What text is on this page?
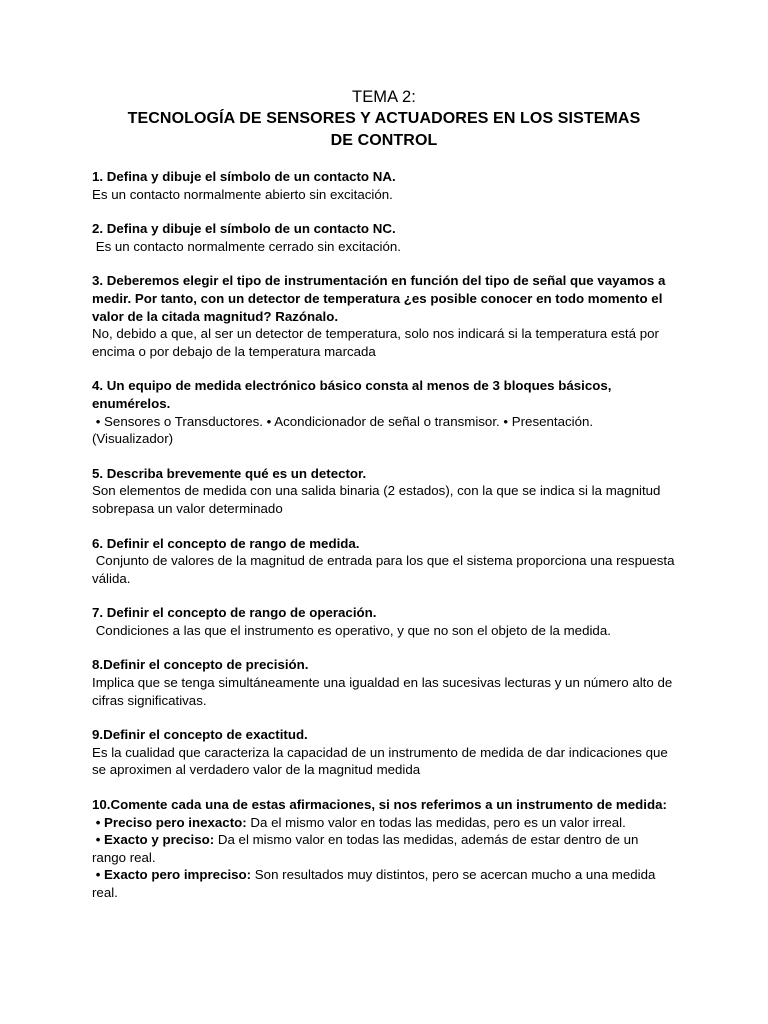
TEMA 2:
TECNOLOGÍA DE SENSORES Y ACTUADORES EN LOS SISTEMAS
DE CONTROL
1. Defina y dibuje el símbolo de un contacto NA.
Es un contacto normalmente abierto sin excitación.
2. Defina y dibuje el símbolo de un contacto NC.
Es un contacto normalmente cerrado sin excitación.
3. Deberemos elegir el tipo de instrumentación en función del tipo de señal que vayamos a medir. Por tanto, con un detector de temperatura ¿es posible conocer en todo momento el valor de la citada magnitud? Razónalo.
No, debido a que, al ser un detector de temperatura, solo nos indicará si la temperatura está por encima o por debajo de la temperatura marcada
4. Un equipo de medida electrónico básico consta al menos de 3 bloques básicos, enumérelos.
• Sensores o Transductores. • Acondicionador de señal o transmisor. • Presentación. (Visualizador)
5. Describa brevemente qué es un detector.
Son elementos de medida con una salida binaria (2 estados), con la que se indica si la magnitud sobrepasa un valor determinado
6. Definir el concepto de rango de medida.
Conjunto de valores de la magnitud de entrada para los que el sistema proporciona una respuesta válida.
7. Definir el concepto de rango de operación.
Condiciones a las que el instrumento es operativo, y que no son el objeto de la medida.
8.Definir el concepto de precisión.
Implica que se tenga simultáneamente una igualdad en las sucesivas lecturas y un número alto de cifras significativas.
9.Definir el concepto de exactitud.
Es la cualidad que caracteriza la capacidad de un instrumento de medida de dar indicaciones que se aproximen al verdadero valor de la magnitud medida
10.Comente cada una de estas afirmaciones, si nos referimos a un instrumento de medida:
• Preciso pero inexacto: Da el mismo valor en todas las medidas, pero es un valor irreal.
• Exacto y preciso: Da el mismo valor en todas las medidas, además de estar dentro de un rango real.
• Exacto pero impreciso: Son resultados muy distintos, pero se acercan mucho a una medida real.
